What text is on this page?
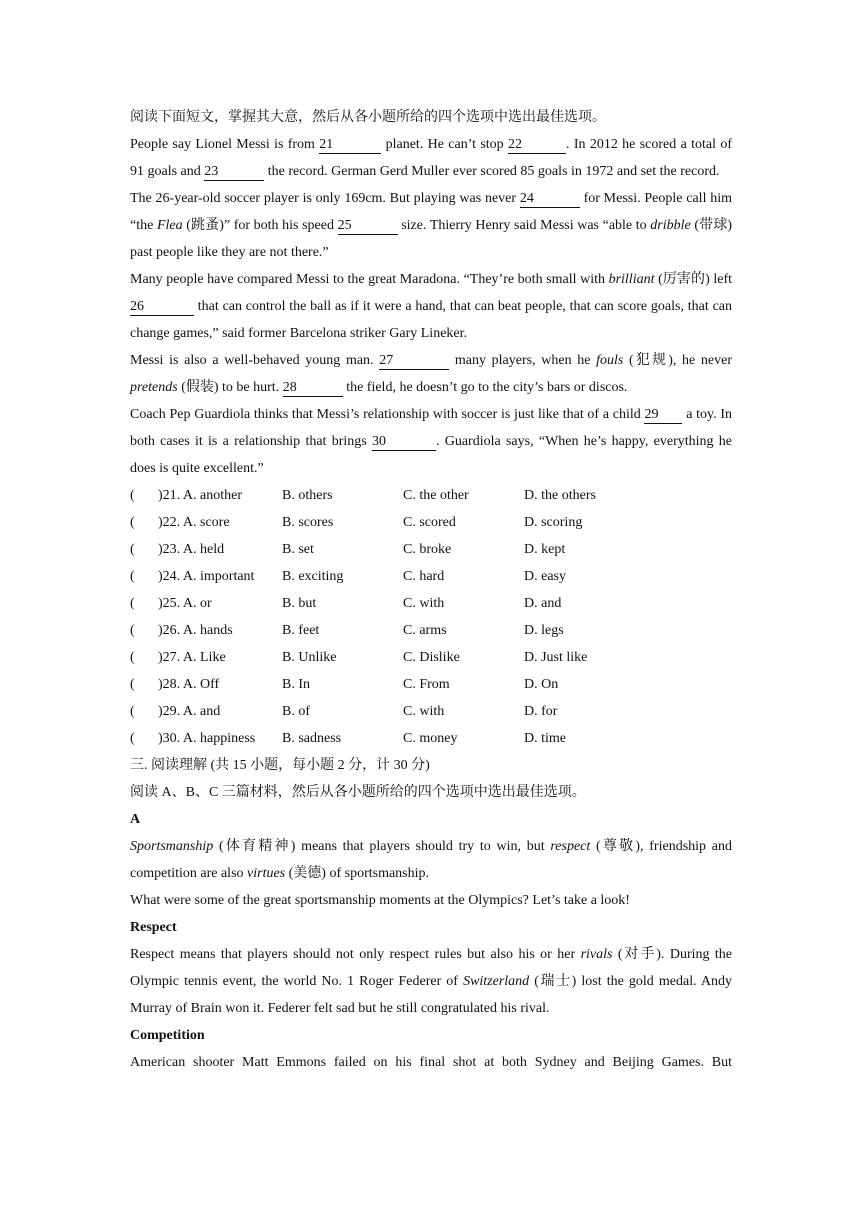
阅读下面短文，掌握其大意，然后从各小题所给的四个选项中选出最佳选项。

People say Lionel Messi is from 21	planet. He can’t stop 22	. In 2012 he scored a total of 91 goals and 23	the record. German Gerd Muller ever scored 85 goals in 1972 and set the record.

The 26-year-old soccer player is only 169cm. But playing was never 24	for Messi. People call him “the Flea (跳蚤)” for both his speed 25	size. Thierry Henry said Messi was “able to dribble (带球) past people like they are not there.”

Many people have compared Messi to the great Maradona. “They’re both small with brilliant (厉害的) left 26	that can control the ball as if it were a hand, that can beat people, that can score goals, that can change games,” said former Barcelona striker Gary Lineker.

Messi is also a well-behaved young man. 27	many players, when he fouls (犯规), he never pretends (假装) to be hurt. 28	the field, he doesn’t go to the city’s bars or discos.

Coach Pep Guardiola thinks that Messi’s relationship with soccer is just like that of a child 29 a toy. In both cases it is a relationship that brings 30	. Guardiola says, “When he’s happy, everything he does is quite excellent.”

(	)21. A. another	B. others	C. the other	D. the others
(	)22. A. score	B. scores	C. scored	D. scoring
(	)23. A. held	B. set	C. broke	D. kept
(	)24. A. important	B. exciting	C. hard	D. easy
(	)25. A. or	B. but	C. with	D. and
(	)26. A. hands	B. feet	C. arms	D. legs
(	)27. A. Like	B. Unlike	C. Dislike	D. Just like
(	)28. A. Off	B. In	C. From	D. On
(	)29. A. and	B. of	C. with	D. for
(	)30. A. happiness	B. sadness	C. money	D. time

三. 阅读理解 (共 15 小题，每小题 2 分，计 30 分)

阅读 A、B、C 三篇材料，然后从各小题所给的四个选项中选出最佳选项。

A

Sportsmanship (体育精神) means that players should try to win, but respect (尊敬), friendship and competition are also virtues (美德) of sportsmanship.

What were some of the great sportsmanship moments at the Olympics? Let’s take a look!

Respect

Respect means that players should not only respect rules but also his or her rivals (对手). During the Olympic tennis event, the world No. 1 Roger Federer of Switzerland (瑞士) lost the gold medal. Andy Murray of Brain won it. Federer felt sad but he still congratulated his rival.

Competition

American shooter Matt Emmons failed on his final shot at both Sydney and Beijing Games. But
